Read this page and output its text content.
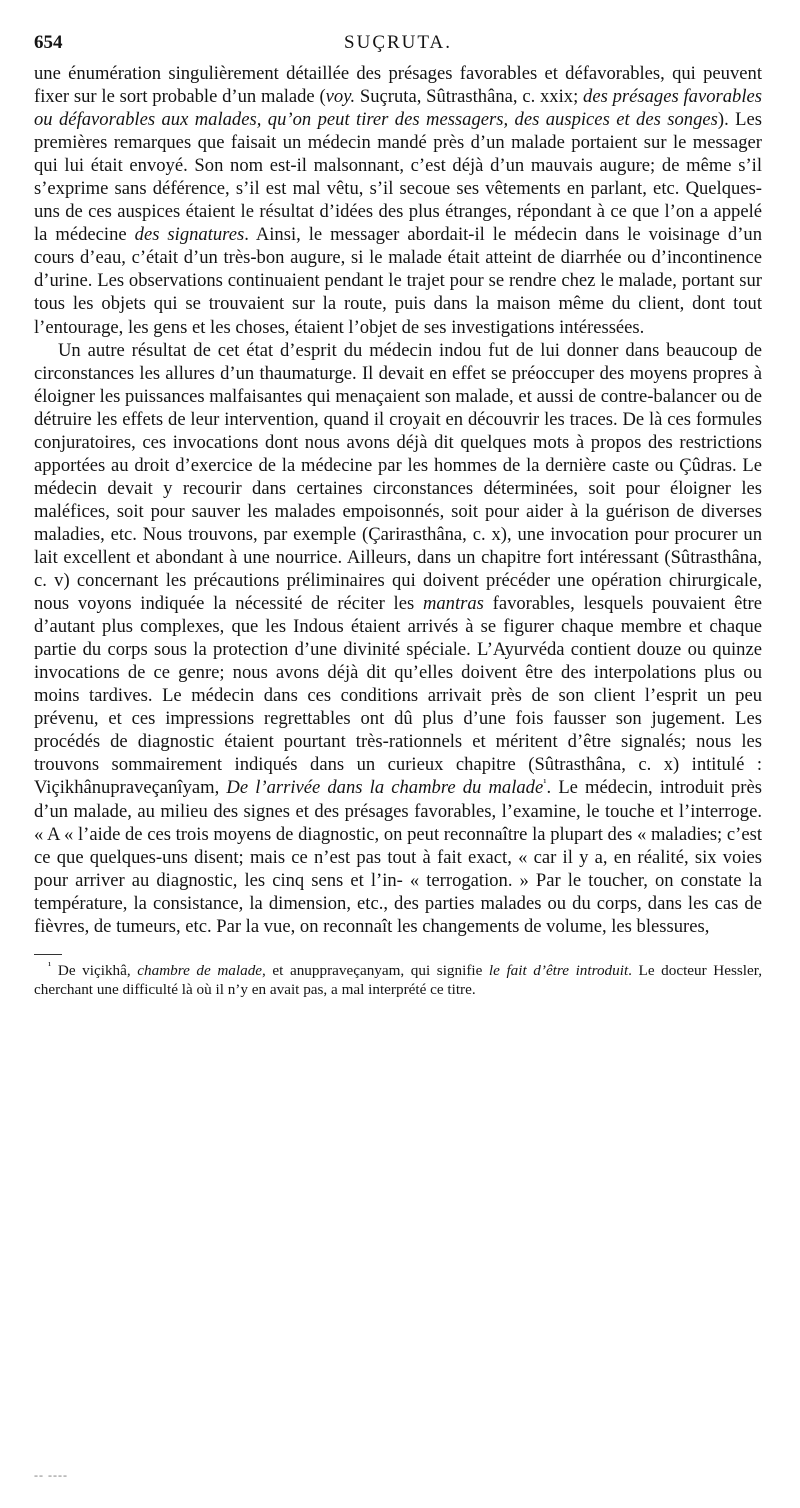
654	SUÇRUTA.

une énumération singulièrement détaillée des présages favorables et défavorables, qui peuvent fixer sur le sort probable d’un malade (voy. Suçruta, Sûtrasthâna, c. xxix; des présages favorables ou défavorables aux malades, qu’on peut tirer des messagers, des auspices et des songes). Les premières remarques que faisait un médecin mandé près d’un malade portaient sur le messager qui lui était envoyé. Son nom est-il malsonnant, c’est déjà d’un mauvais augure; de même s’il s’exprime sans déférence, s’il est mal vêtu, s’il secoue ses vêtements en parlant, etc. Quelques-uns de ces auspices étaient le résultat d’idées des plus étranges, répondant à ce que l’on a appelé la médecine des signatures. Ainsi, le messager abordait-il le médecin dans le voisinage d’un cours d’eau, c’était d’un très-bon augure, si le malade était atteint de diarrhée ou d’incontinence d’urine. Les observations continuaient pendant le trajet pour se rendre chez le malade, portant sur tous les objets qui se trouvaient sur la route, puis dans la maison même du client, dont tout l’entourage, les gens et les choses, étaient l’objet de ses investigations intéressées.

Un autre résultat de cet état d’esprit du médecin indou fut de lui donner dans beaucoup de circonstances les allures d’un thaumaturge. Il devait en effet se préoccuper des moyens propres à éloigner les puissances malfaisantes qui menaçaient son malade, et aussi de contre-balancer ou de détruire les effets de leur intervention, quand il croyait en découvrir les traces. De là ces formules conjuratoires, ces invocations dont nous avons déjà dit quelques mots à propos des restrictions apportées au droit d’exercice de la médecine par les hommes de la dernière caste ou Çûdras. Le médecin devait y recourir dans certaines circonstances déterminées, soit pour éloigner les maléfices, soit pour sauver les malades empoisonnés, soit pour aider à la guérison de diverses maladies, etc. Nous trouvons, par exemple (Çarirasthâna, c. x), une invocation pour procurer un lait excellent et abondant à une nourrice. Ailleurs, dans un chapitre fort intéressant (Sûtrasthâna, c. v) concernant les précautions préliminaires qui doivent précéder une opération chirurgicale, nous voyons indiquée la nécessité de réciter les mantras favorables, lesquels pouvaient être d’autant plus complexes, que les Indous étaient arrivés à se figurer chaque membre et chaque partie du corps sous la protection d’une divinité spéciale. L’Ayurvéda contient douze ou quinze invocations de ce genre; nous avons déjà dit qu’elles doivent être des interpolations plus ou moins tardives. Le médecin dans ces conditions arrivait près de son client l’esprit un peu prévenu, et ces impressions regrettables ont dû plus d’une fois fausser son jugement. Les procédés de diagnostic étaient pourtant très-rationnels et méritent d’être signalés; nous les trouvons sommairement indiqués dans un curieux chapitre (Sûtrasthâna, c. x) intitulé : Viçikhânupraveçanîyam, De l’arrivée dans la chambre du malade$^{^1}$. Le médecin, introduit près d’un malade, au milieu des signes et des présages favorables, l’examine, le touche et l’interroge. « A « l’aide de ces trois moyens de diagnostic, on peut reconnaître la plupart des « maladies; c’est ce que quelques-uns disent; mais ce n’est pas tout à fait exact, « car il y a, en réalité, six voies pour arriver au diagnostic, les cinq sens et l’in- « terrogation. » Par le toucher, on constate la température, la consistance, la dimension, etc., des parties malades ou du corps, dans les cas de fièvres, de tumeurs, etc. Par la vue, on reconnaît les changements de volume, les blessures,

$^{^1}$ De viçikhâ, chambre de malade, et anuppraveçanyam, qui signifie le fait d’être introduit. Le docteur Hessler, cherchant une difficulté là où il n’y en avait pas, a mal interprété ce titre.

-- ----
